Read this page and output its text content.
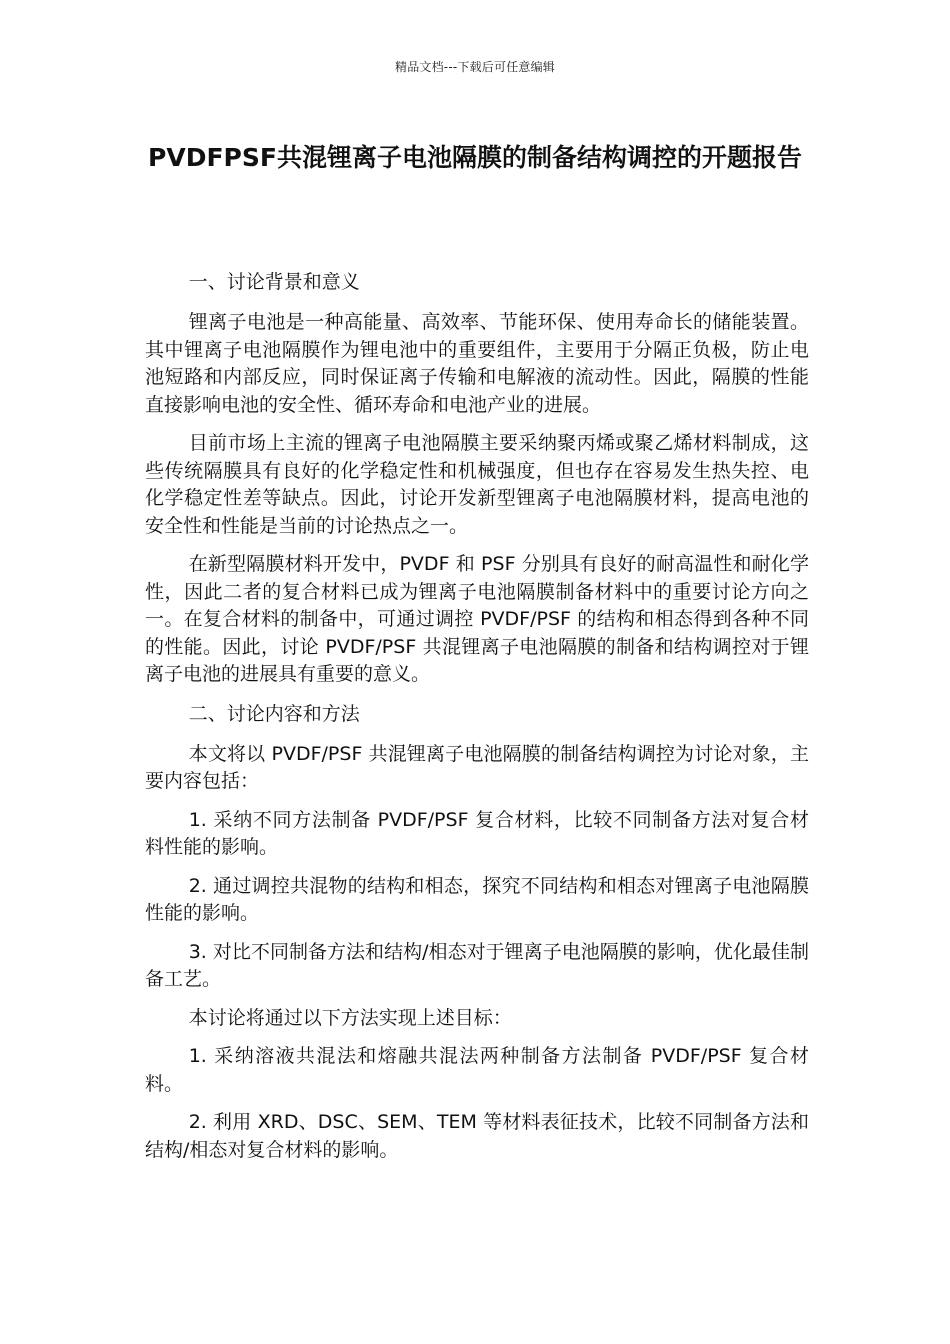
精品文档---下载后可任意编辑
PVDFPSF共混锂离子电池隔膜的制备结构调控的开题报告

一、讨论背景和意义

锂离子电池是一种高能量、高效率、节能环保、使用寿命长的储能装置。其中锂离子电池隔膜作为锂电池中的重要组件，主要用于分隔正负极，防止电池短路和内部反应，同时保证离子传输和电解液的流动性。因此，隔膜的性能直接影响电池的安全性、循环寿命和电池产业的进展。

目前市场上主流的锂离子电池隔膜主要采纳聚丙烯或聚乙烯材料制成，这些传统隔膜具有良好的化学稳定性和机械强度，但也存在容易发生热失控、电化学稳定性差等缺点。因此，讨论开发新型锂离子电池隔膜材料，提高电池的安全性和性能是当前的讨论热点之一。

在新型隔膜材料开发中，PVDF 和 PSF 分别具有良好的耐高温性和耐化学性，因此二者的复合材料已成为锂离子电池隔膜制备材料中的重要讨论方向之一。在复合材料的制备中，可通过调控 PVDF/PSF 的结构和相态得到各种不同的性能。因此，讨论 PVDF/PSF 共混锂离子电池隔膜的制备和结构调控对于锂离子电池的进展具有重要的意义。

二、讨论内容和方法

本文将以 PVDF/PSF 共混锂离子电池隔膜的制备结构调控为讨论对象，主要内容包括：

1. 采纳不同方法制备 PVDF/PSF 复合材料，比较不同制备方法对复合材料性能的影响。

2. 通过调控共混物的结构和相态，探究不同结构和相态对锂离子电池隔膜性能的影响。

3. 对比不同制备方法和结构/相态对于锂离子电池隔膜的影响，优化最佳制备工艺。

本讨论将通过以下方法实现上述目标：

1. 采纳溶液共混法和熔融共混法两种制备方法制备 PVDF/PSF 复合材料。

2. 利用 XRD、DSC、SEM、TEM 等材料表征技术，比较不同制备方法和结构/相态对复合材料的影响。
